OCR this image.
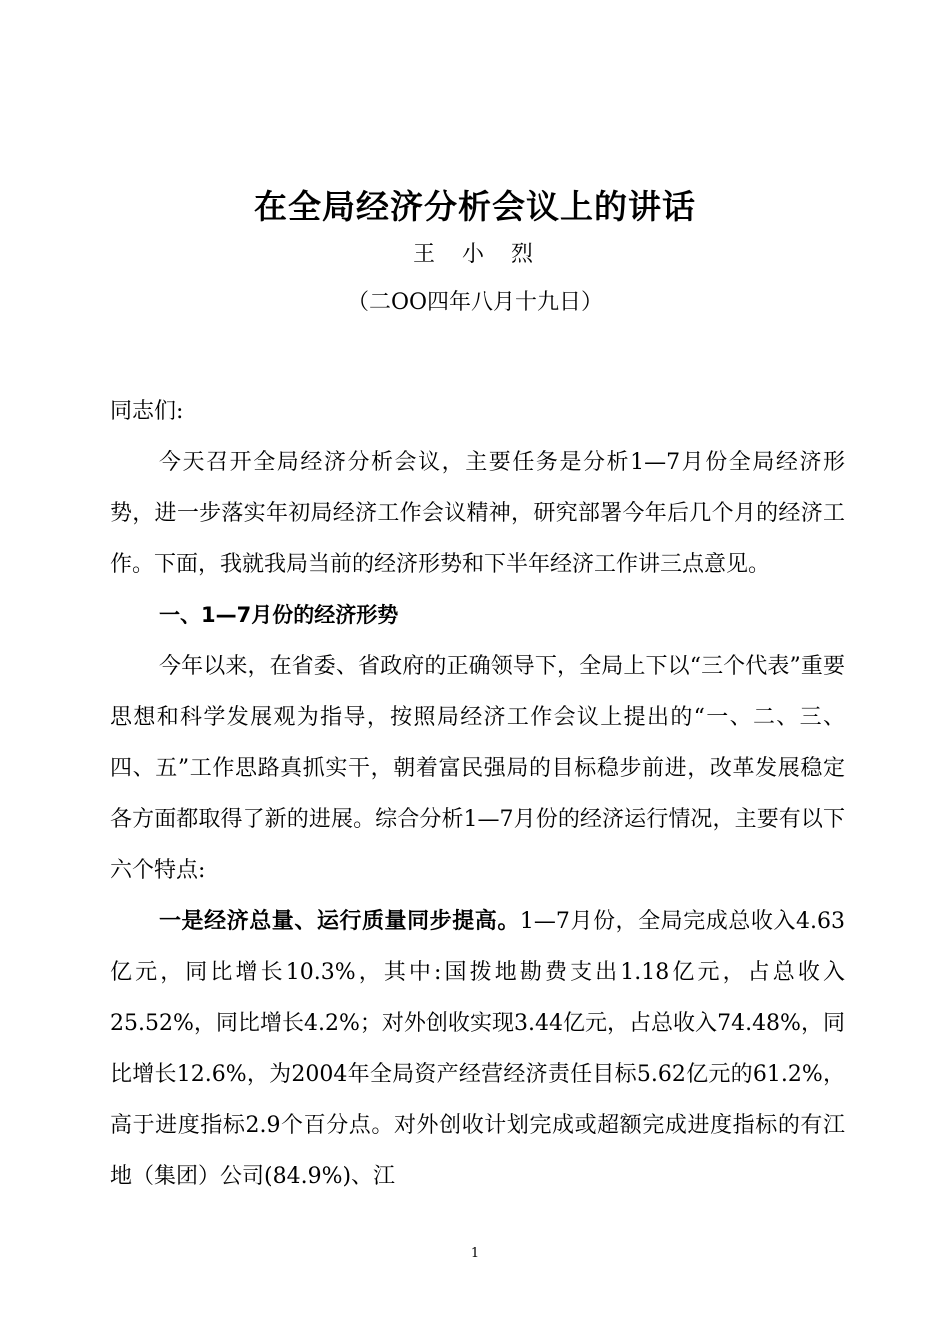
在全局经济分析会议上的讲话
王 小 烈
（二OO四年八月十九日）

同志们:

今天召开全局经济分析会议，主要任务是分析1—7月份全局经济形势，进一步落实年初局经济工作会议精神，研究部署今年后几个月的经济工作。下面，我就我局当前的经济形势和下半年经济工作讲三点意见。

一、1—7月份的经济形势

今年以来，在省委、省政府的正确领导下，全局上下以“三个代表”重要思想和科学发展观为指导，按照局经济工作会议上提出的“一、二、三、四、五”工作思路真抓实干，朝着富民强局的目标稳步前进，改革发展稳定各方面都取得了新的进展。综合分析1—7月份的经济运行情况，主要有以下六个特点:

一是经济总量、运行质量同步提高。1—7月份，全局完成总收入4.63亿元，同比增长10.3%，其中:国拨地勘费支出1.18亿元，占总收入25.52%，同比增长4.2%；对外创收实现3.44亿元，占总收入74.48%，同比增长12.6%，为2004年全局资产经营经济责任目标5.62亿元的61.2%，高于进度指标2.9个百分点。对外创收计划完成或超额完成进度指标的有江地（集团）公司(84.9%)、江

1
